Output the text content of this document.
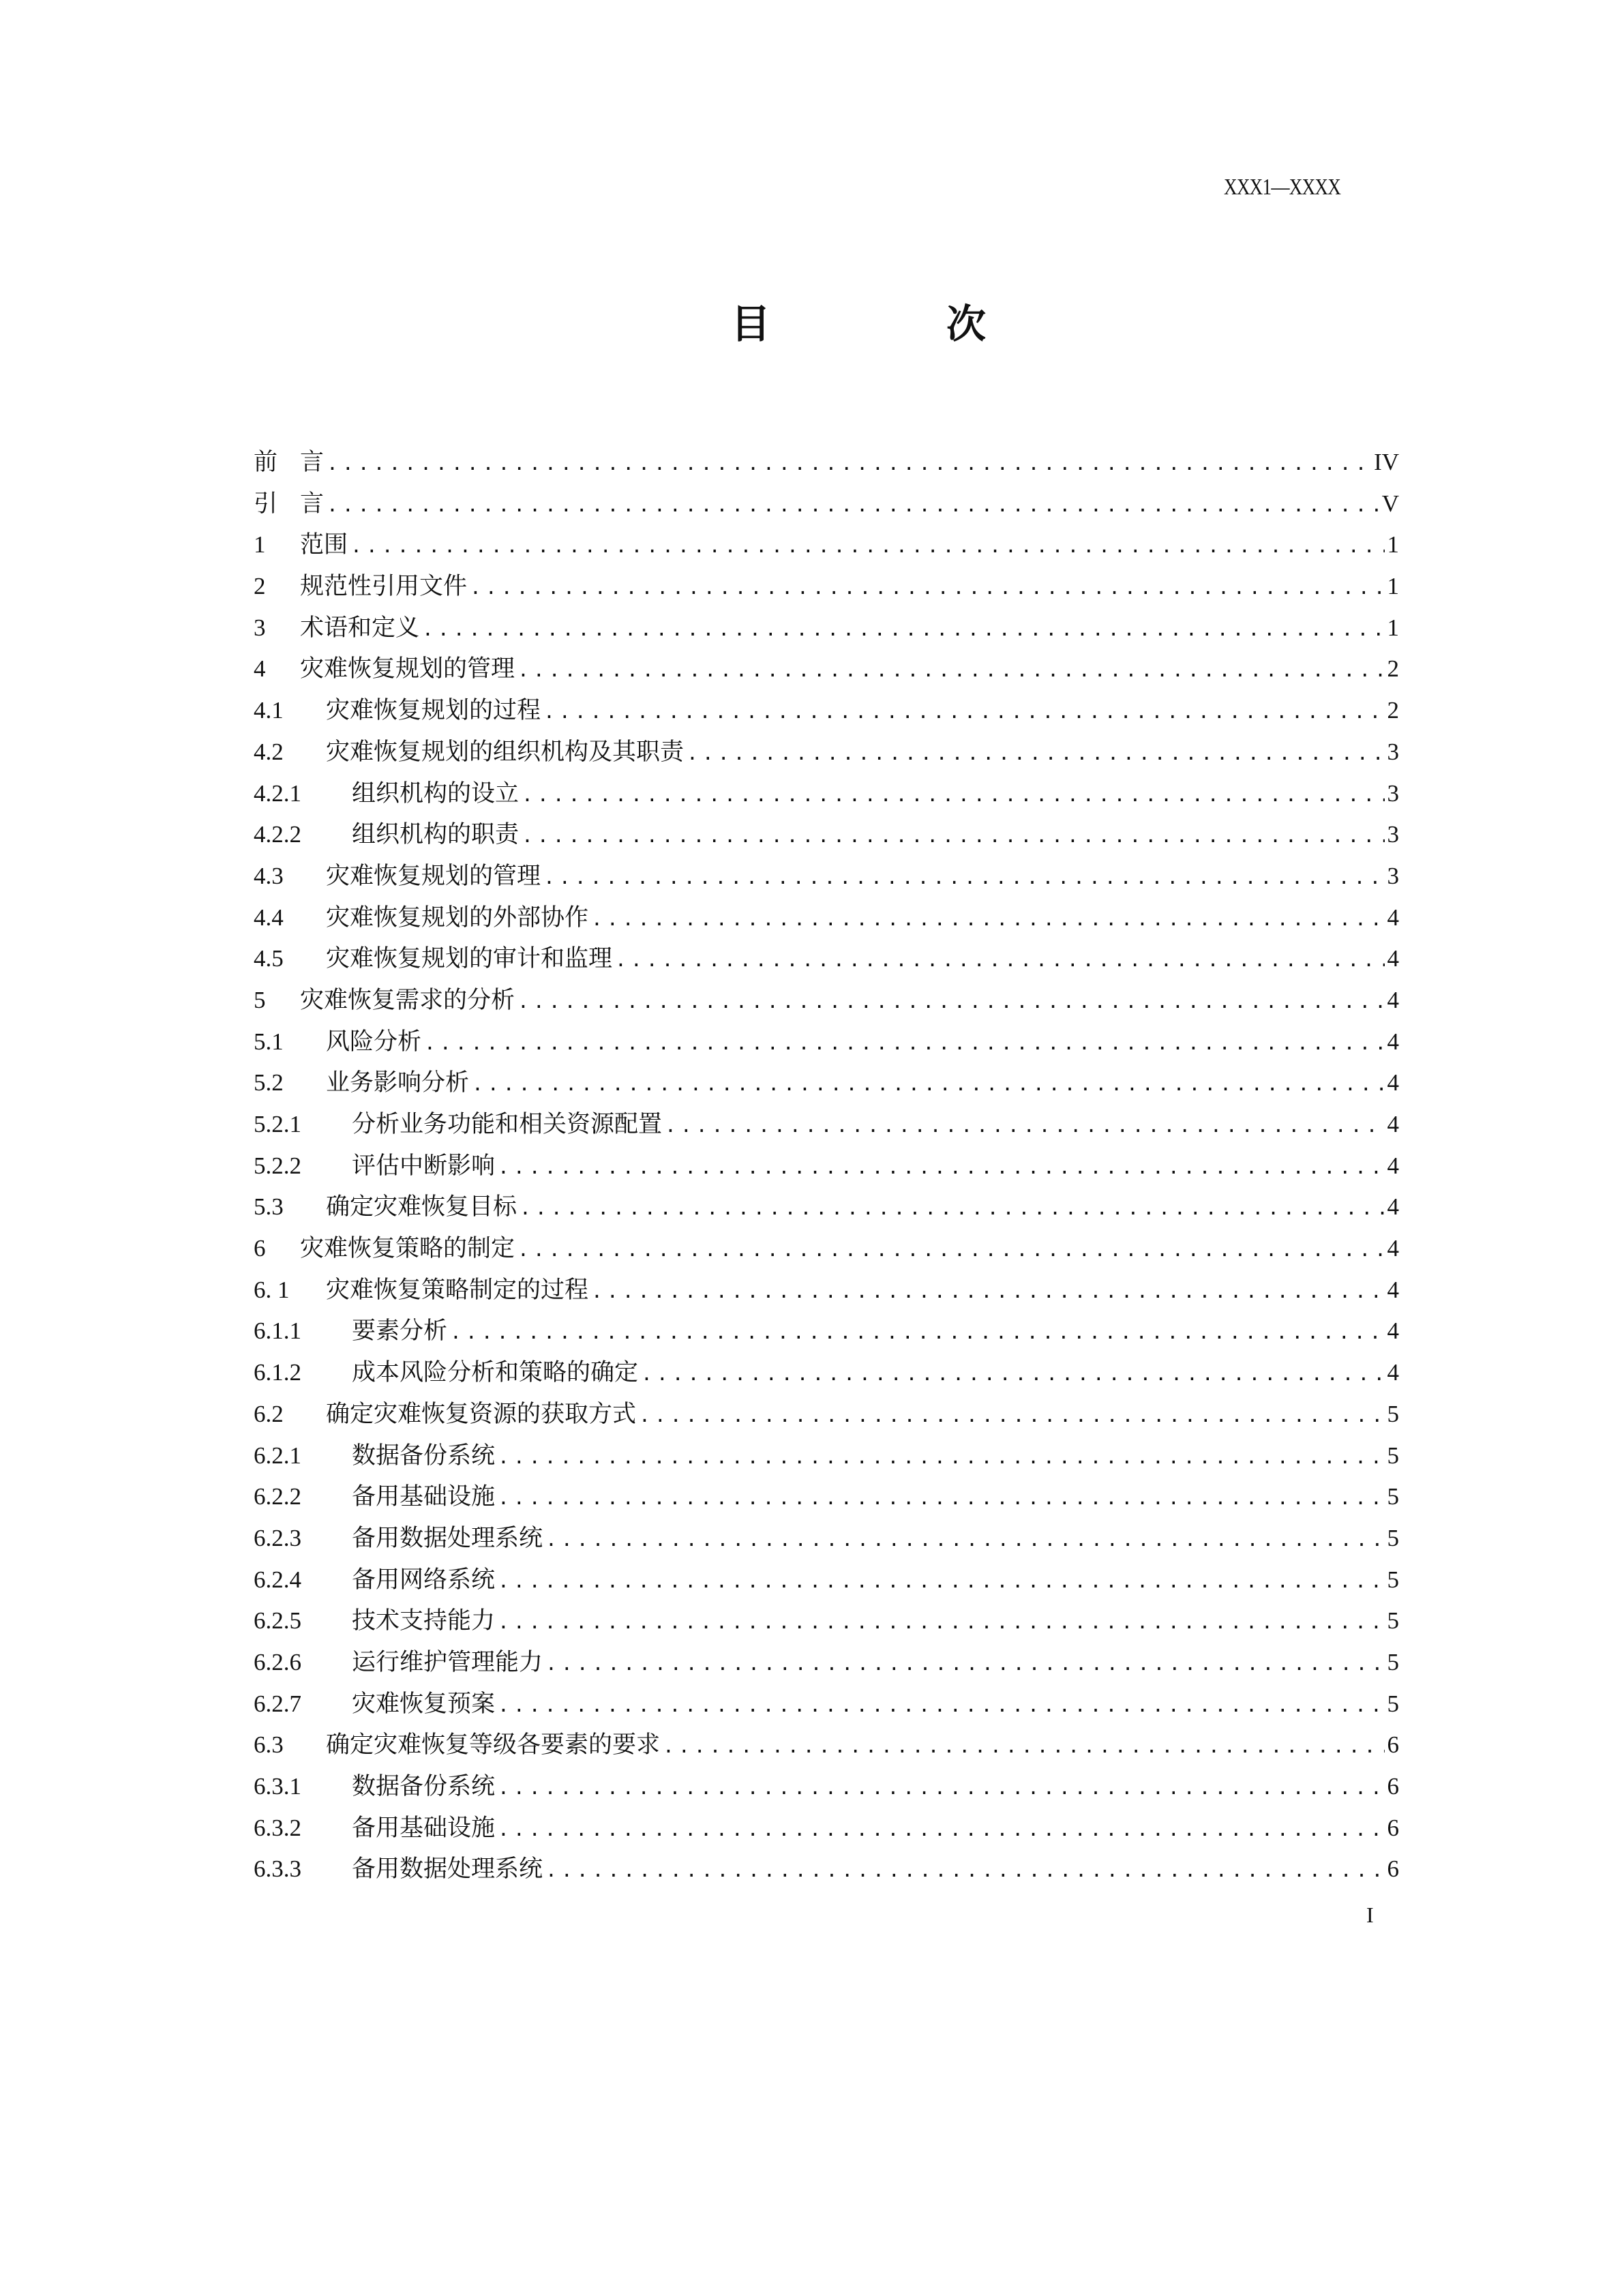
XXX1—XXXX
目	次
前 言 .....	IV
引 言 .....	V
1	范围 .....	1
2	规范性引用文件 .....	1
3	术语和定义 .....	1
4	灾难恢复规划的管理 .....	2
4.1	灾难恢复规划的过程 .....	2
4.2	灾难恢复规划的组织机构及其职责 .....	3
4.2.1	组织机构的设立 .....	3
4.2.2	组织机构的职责 .....	3
4.3	灾难恢复规划的管理 .....	3
4.4	灾难恢复规划的外部协作 .....	4
4.5	灾难恢复规划的审计和监理 .....	4
5	灾难恢复需求的分析 .....	4
5.1	风险分析 .....	4
5.2	业务影响分析 .....	4
5.2.1	分析业务功能和相关资源配置 .....	4
5.2.2	评估中断影响 .....	4
5.3	确定灾难恢复目标 .....	4
6	灾难恢复策略的制定 .....	4
6. 1	灾难恢复策略制定的过程 .....	4
6.1.1	要素分析 .....	4
6.1.2	成本风险分析和策略的确定 .....	4
6.2	确定灾难恢复资源的获取方式 .....	5
6.2.1	数据备份系统 .....	5
6.2.2	备用基础设施 .....	5
6.2.3	备用数据处理系统 .....	5
6.2.4	备用网络系统 .....	5
6.2.5	技术支持能力 .....	5
6.2.6	运行维护管理能力 .....	5
6.2.7	灾难恢复预案 .....	5
6.3	确定灾难恢复等级各要素的要求 .....	6
6.3.1	数据备份系统 .....	6
6.3.2	备用基础设施 .....	6
6.3.3	备用数据处理系统 .....	6
I
